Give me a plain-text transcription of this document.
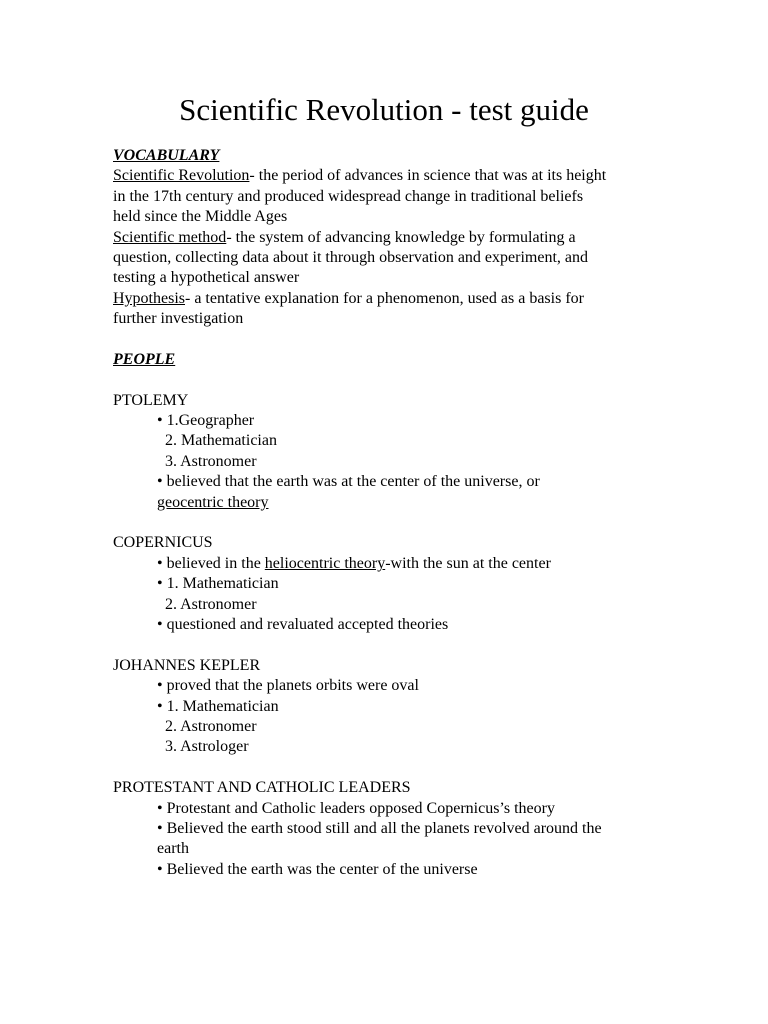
Scientific Revolution - test guide
VOCABULARY
Scientific Revolution- the period of advances in science that was at its height
in the 17th century and produced widespread change in traditional beliefs
held since the Middle Ages
Scientific method- the system of advancing knowledge by formulating a
question, collecting data about it through observation and experiment, and
testing a hypothetical answer
Hypothesis- a tentative explanation for a phenomenon, used as a basis for
further investigation
PEOPLE
PTOLEMY
• 1.Geographer
2. Mathematician
3. Astronomer
• believed that the earth was at the center of the universe, or
geocentric theory
COPERNICUS
• believed in the heliocentric theory-with the sun at the center
• 1. Mathematician
2. Astronomer
• questioned and revaluated accepted theories
JOHANNES KEPLER
• proved that the planets orbits were oval
• 1. Mathematician
2. Astronomer
3. Astrologer
PROTESTANT AND CATHOLIC LEADERS
• Protestant and Catholic leaders opposed Copernicus’s theory
• Believed the earth stood still and all the planets revolved around the
earth
• Believed the earth was the center of the universe
